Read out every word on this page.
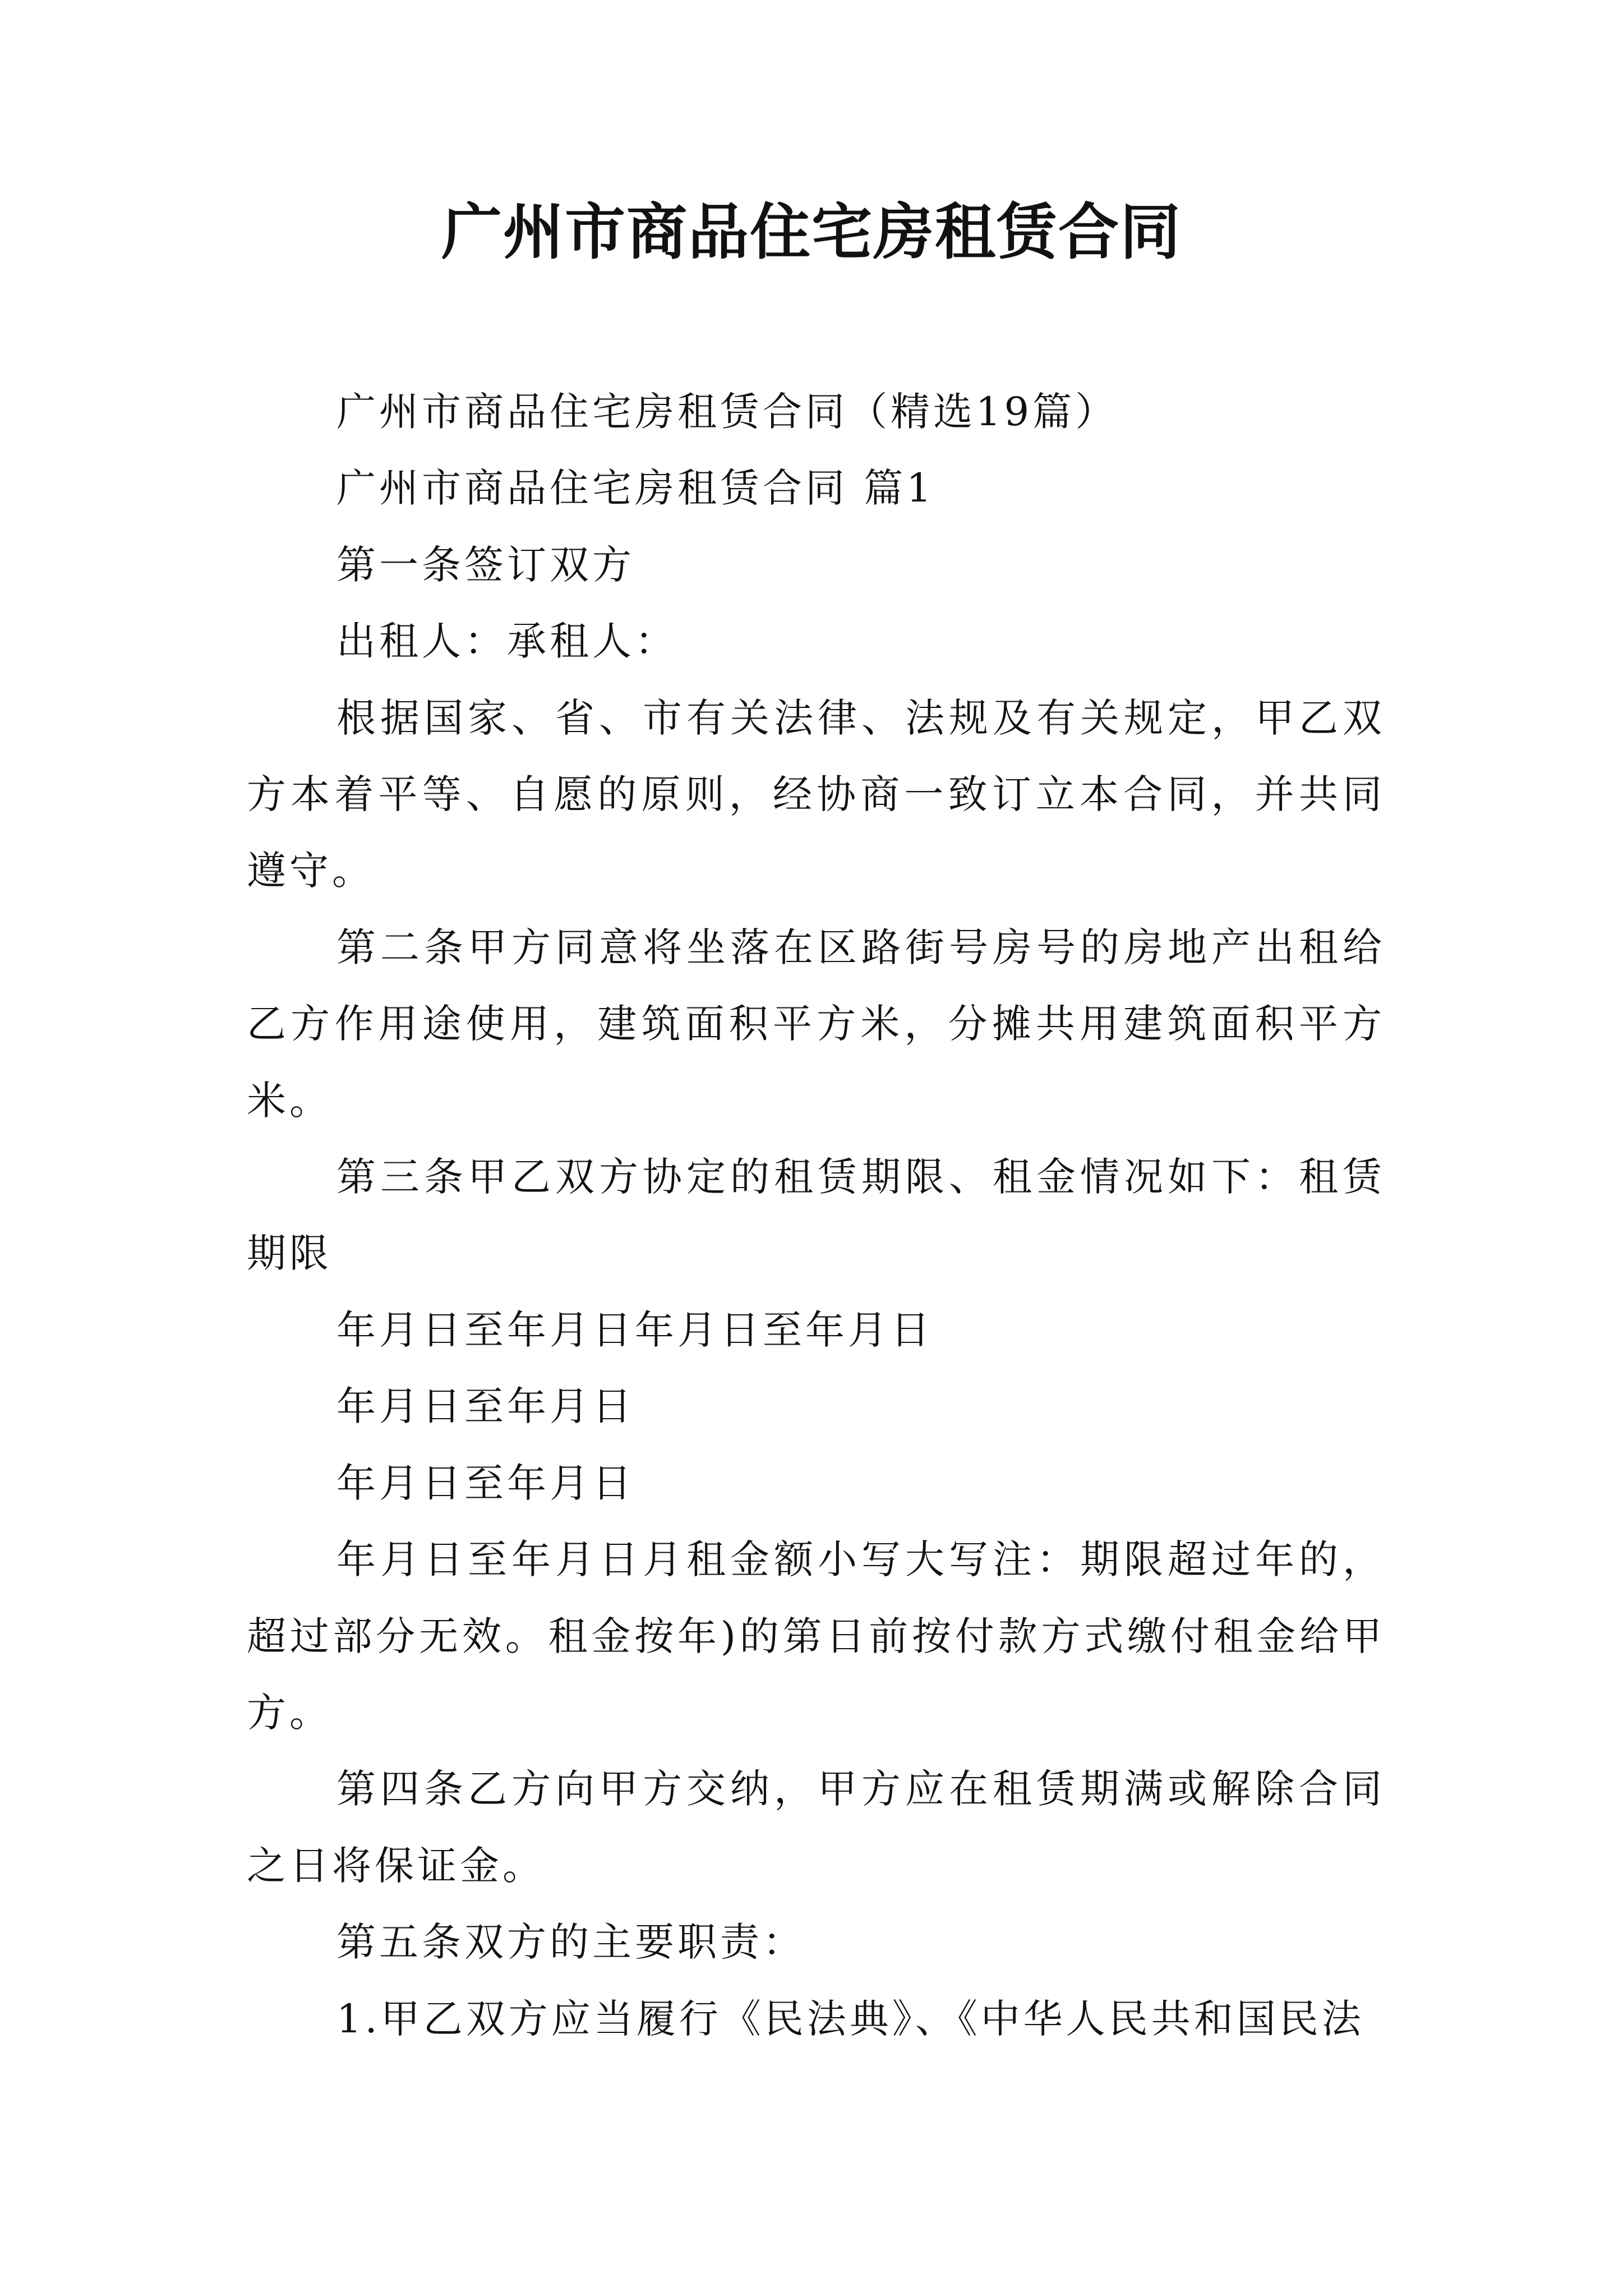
广州市商品住宅房租赁合同

广州市商品住宅房租赁合同（精选19篇）

广州市商品住宅房租赁合同 篇1

第一条签订双方

出租人：承租人：

根据国家、省、市有关法律、法规及有关规定，甲乙双方本着平等、自愿的原则，经协商一致订立本合同，并共同遵守。

第二条甲方同意将坐落在区路街号房号的房地产出租给乙方作用途使用，建筑面积平方米，分摊共用建筑面积平方米。

第三条甲乙双方协定的租赁期限、租金情况如下：租赁期限

年月日至年月日年月日至年月日

年月日至年月日

年月日至年月日

年月日至年月日月租金额小写大写注：期限超过年的，超过部分无效。租金按年)的第日前按付款方式缴付租金给甲方。

第四条乙方向甲方交纳，甲方应在租赁期满或解除合同之日将保证金。

第五条双方的主要职责：

1.甲乙双方应当履行《民法典》、《中华人民共和国民法
